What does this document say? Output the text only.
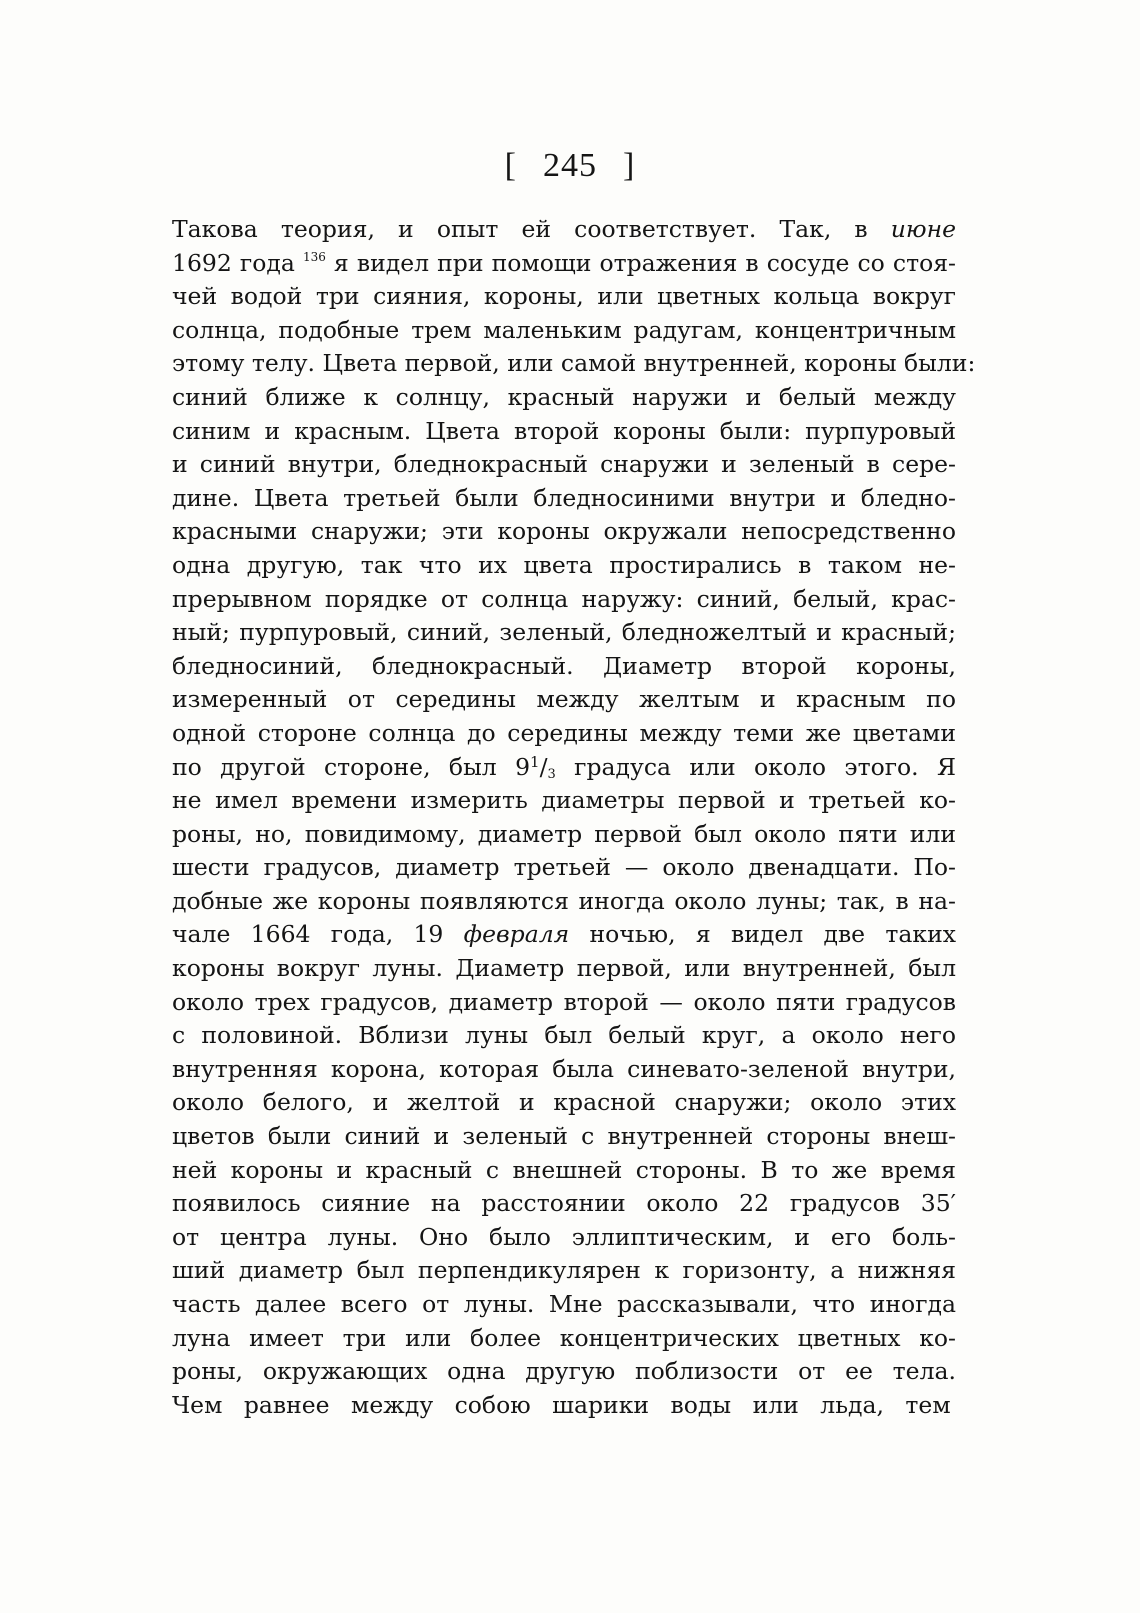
[ 245 ]
Такова теория, и опыт ей соответствует. Так, в июне
1692 года $^{136}$ я видел при помощи отражения в сосуде со стоя-
чей водой три сияния, короны, или цветных кольца вокруг
солнца, подобные трем маленьким радугам, концентричным
этому телу. Цвета первой, или самой внутренней, короны были:
синий ближе к солнцу, красный наружи и белый между
синим и красным. Цвета второй короны были: пурпуровый
и синий внутри, бледнокрасный снаружи и зеленый в сере-
дине. Цвета третьей были бледносиними внутри и бледно-
красными снаружи; эти короны окружали непосредственно
одна другую, так что их цвета простирались в таком не-
прерывном порядке от солнца наружу: синий, белый, крас-
ный; пурпуровый, синий, зеленый, бледножелтый и красный;
бледносиний, бледнокрасный. Диаметр второй короны,
измеренный от середины между желтым и красным по
одной стороне солнца до середины между теми же цветами
по другой стороне, был $9^1/_3$ градуса или около этого. Я
не имел времени измерить диаметры первой и третьей ко-
роны, но, повидимому, диаметр первой был около пяти или
шести градусов, диаметр третьей — около двенадцати. По-
добные же короны появляются иногда около луны; так, в на-
чале 1664 года, 19 февраля ночью, я видел две таких
короны вокруг луны. Диаметр первой, или внутренней, был
около трех градусов, диаметр второй — около пяти градусов
с половиной. Вблизи луны был белый круг, а около него
внутренняя корона, которая была синевато-зеленой внутри,
около белого, и желтой и красной снаружи; около этих
цветов были синий и зеленый с внутренней стороны внеш-
ней короны и красный с внешней стороны. В то же время
появилось сияние на расстоянии около 22 градусов 35′
от центра луны. Оно было эллиптическим, и его боль-
ший диаметр был перпендикулярен к горизонту, а нижняя
часть далее всего от луны. Мне рассказывали, что иногда
луна имеет три или более концентрических цветных ко-
роны, окружающих одна другую поблизости от ее тела.
Чем равнее между собою шарики воды или льда, тем
